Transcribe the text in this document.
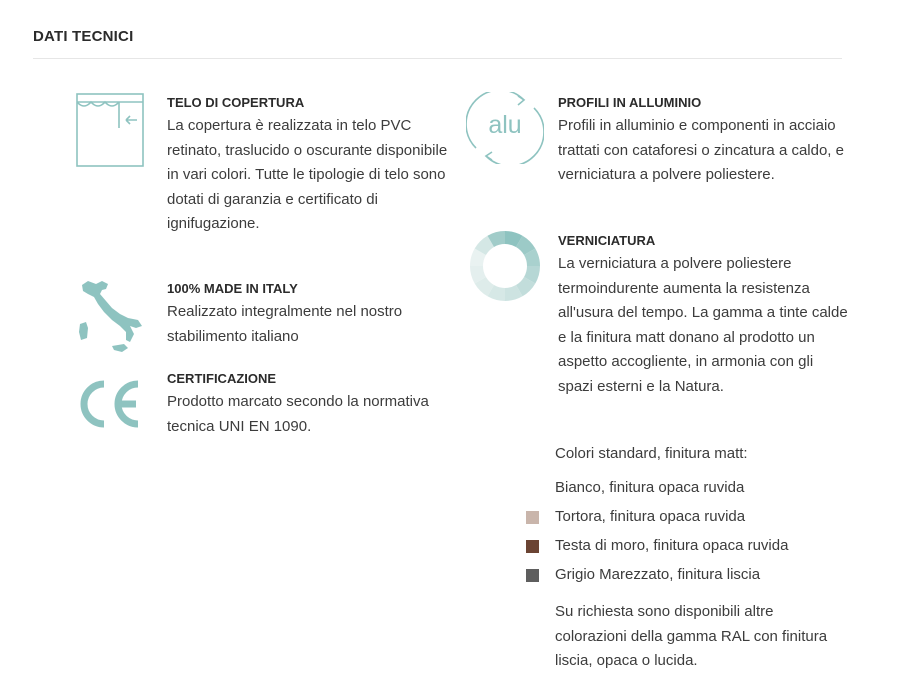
DATI TECNICI
TELO DI COPERTURA

La copertura è realizzata in telo PVC retinato, traslucido o oscurante disponibile in vari colori. Tutte le tipologie di telo sono dotati di garanzia e certificato di ignifugazione.

100% MADE IN ITALY

Realizzato integralmente nel nostro stabilimento italiano

CERTIFICAZIONE

Prodotto marcato secondo la normativa tecnica UNI EN 1090.

alu
PROFILI IN ALLUMINIO

Profili in alluminio e componenti in acciaio trattati con cataforesi o zincatura a caldo, e verniciatura a polvere poliestere.

VERNICIATURA

La verniciatura a polvere poliestere termoindurente aumenta la resistenza all'usura del tempo. La gamma a tinte calde e la finitura matt donano al prodotto un aspetto accogliente, in armonia con gli spazi esterni e la Natura.

Colori standard, finitura matt:
Bianco, finitura opaca ruvida
Tortora, finitura opaca ruvida
Testa di moro, finitura opaca ruvida
Grigio Marezzato, finitura liscia

Su richiesta sono disponibili altre colorazioni della gamma RAL con finitura liscia, opaca o lucida.
